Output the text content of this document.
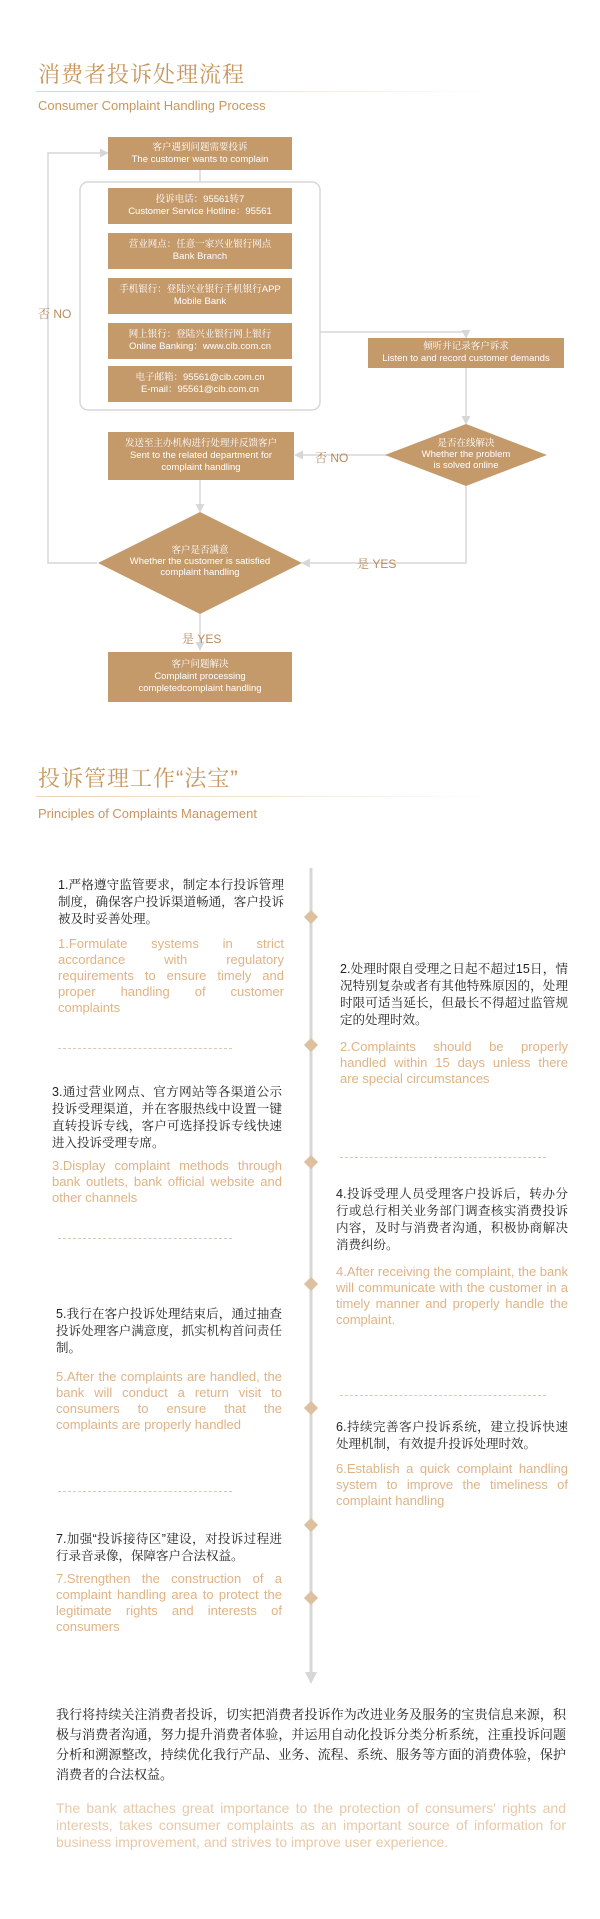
消费者投诉处理流程
Consumer Complaint Handling Process
客户遇到问题需要投诉
The customer wants to complain
投诉电话：95561转7
Customer Service Hotline：95561
营业网点：任意一家兴业银行网点
Bank Branch
手机银行：登陆兴业银行手机银行APP
Mobile Bank
网上银行：登陆兴业银行网上银行
Online Banking：www.cib.com.cn
电子邮箱：95561@cib.com.cn
E-mail：95561@cib.com.cn
倾听并记录客户诉求
Listen to and record customer demands
是否在线解决
Whether the problem
is solved online
发送至主办机构进行处理并反馈客户
Sent to the related department for
complaint handling
客户是否满意
Whether the customer is satisfied
complaint handling
客户问题解决
Complaint processing
completedcomplaint handling
否 NO
否 NO
是 YES
是 YES
投诉管理工作“法宝”
Principles of Complaints Management
1.严格遵守监管要求，制定本行投诉管理制度，确保客户投诉渠道畅通，客户投诉被及时妥善处理。
1.Formulate systems in strict accordance with regulatory requirements to ensure timely and proper handling of customer complaints
3.通过营业网点、官方网站等各渠道公示投诉受理渠道，并在客服热线中设置一键直转投诉专线，客户可选择投诉专线快速进入投诉受理专席。
3.Display complaint methods through bank outlets, bank official website and other channels
5.我行在客户投诉处理结束后，通过抽查投诉处理客户满意度，抓实机构首问责任制。
5.After the complaints are handled, the bank will conduct a return visit to consumers to ensure that the complaints are properly handled
7.加强“投诉接待区”建设，对投诉过程进行录音录像，保障客户合法权益。
7.Strengthen the construction of a complaint handling area to protect the legitimate rights and interests of consumers
2.处理时限自受理之日起不超过15日，情况特别复杂或者有其他特殊原因的，处理时限可适当延长，但最长不得超过监管规定的处理时效。
2.Complaints should be properly handled within 15 days unless there are special circumstances
4.投诉受理人员受理客户投诉后，转办分行或总行相关业务部门调查核实消费投诉内容，及时与消费者沟通，积极协商解决消费纠纷。
4.After receiving the complaint, the bank will communicate with the customer in a timely manner and properly handle the complaint.
6.持续完善客户投诉系统，建立投诉快速处理机制，有效提升投诉处理时效。
6.Establish a quick complaint handling system to improve the timeliness of complaint handling
我行将持续关注消费者投诉，切实把消费者投诉作为改进业务及服务的宝贵信息来源，积极与消费者沟通，努力提升消费者体验，并运用自动化投诉分类分析系统，注重投诉问题分析和溯源整改，持续优化我行产品、业务、流程、系统、服务等方面的消费体验，保护消费者的合法权益。
The bank attaches great importance to the protection of consumers' rights and interests, takes consumer complaints as an important source of information for business improvement, and strives to improve user experience.
